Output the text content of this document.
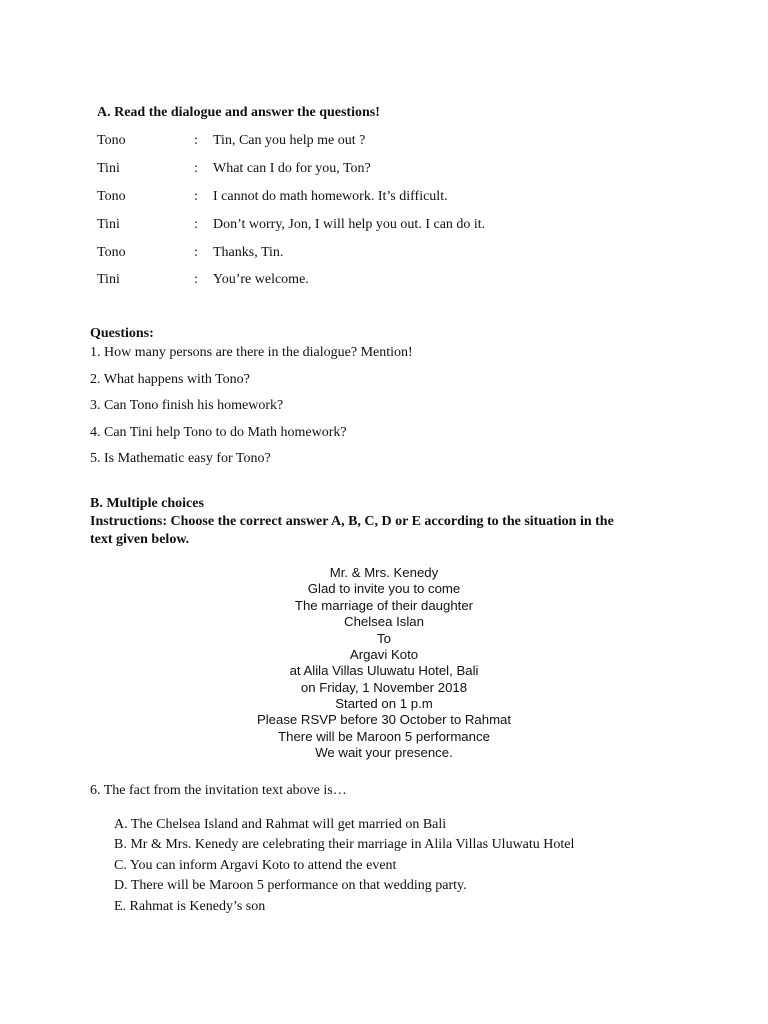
A. Read the dialogue and answer the questions!
Tono	: Tin, Can you help me out ?
Tini	: What can I do for you, Ton?
Tono	: I cannot do math homework. It’s difficult.
Tini	: Don’t worry, Jon, I will help you out. I can do it.
Tono	: Thanks, Tin.
Tini	: You’re welcome.
Questions:
1. How many persons are there in the dialogue? Mention!
2. What happens with Tono?
3. Can Tono finish his homework?
4. Can Tini help Tono to do Math homework?
5. Is Mathematic easy for Tono?
B. Multiple choices
Instructions: Choose the correct answer A, B, C, D or E according to the situation in the
text given below.
Mr. & Mrs. Kenedy
Glad to invite you to come
The marriage of their daughter
Chelsea Islan
To
Argavi Koto
at Alila Villas Uluwatu Hotel, Bali
on Friday, 1 November 2018
Started on 1 p.m
Please RSVP before 30 October to Rahmat
There will be Maroon 5 performance
We wait your presence.
6. The fact from the invitation text above is…
A. The Chelsea Island and Rahmat will get married on Bali
B. Mr & Mrs. Kenedy are celebrating their marriage in Alila Villas Uluwatu Hotel
C. You can inform Argavi Koto to attend the event
D. There will be Maroon 5 performance on that wedding party.
E. Rahmat is Kenedy’s son
